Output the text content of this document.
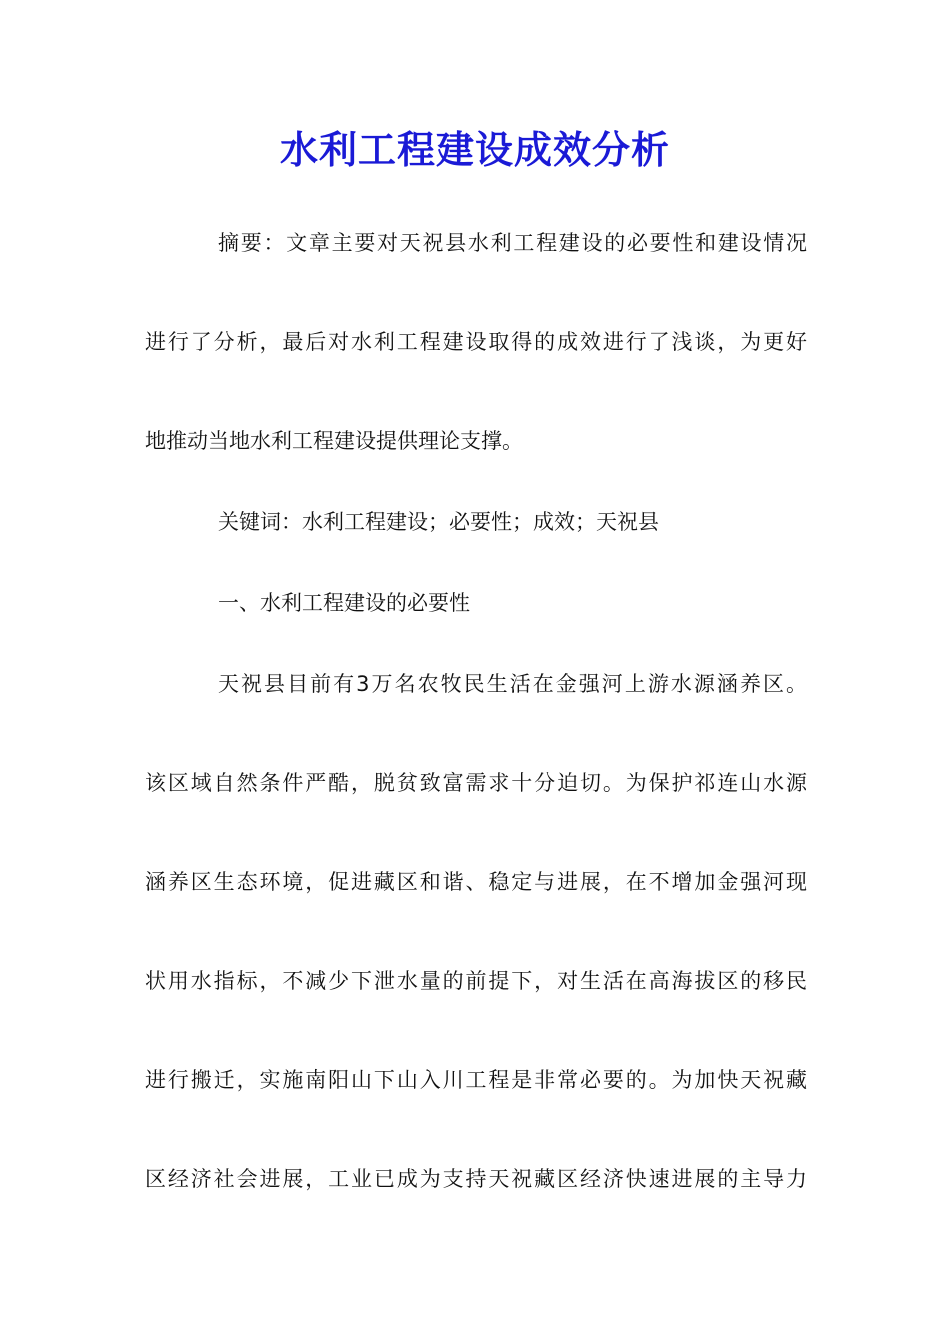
水利工程建设成效分析
摘要：文章主要对天祝县水利工程建设的必要性和建设情况
进行了分析，最后对水利工程建设取得的成效进行了浅谈，为更好
地推动当地水利工程建设提供理论支撑。
关键词：水利工程建设；必要性；成效；天祝县
一、水利工程建设的必要性
天祝县目前有3万名农牧民生活在金强河上游水源涵养区。
该区域自然条件严酷，脱贫致富需求十分迫切。为保护祁连山水源
涵养区生态环境，促进藏区和谐、稳定与进展，在不增加金强河现
状用水指标，不减少下泄水量的前提下，对生活在高海拔区的移民
进行搬迁，实施南阳山下山入川工程是非常必要的。为加快天祝藏
区经济社会进展，工业已成为支持天祝藏区经济快速进展的主导力
